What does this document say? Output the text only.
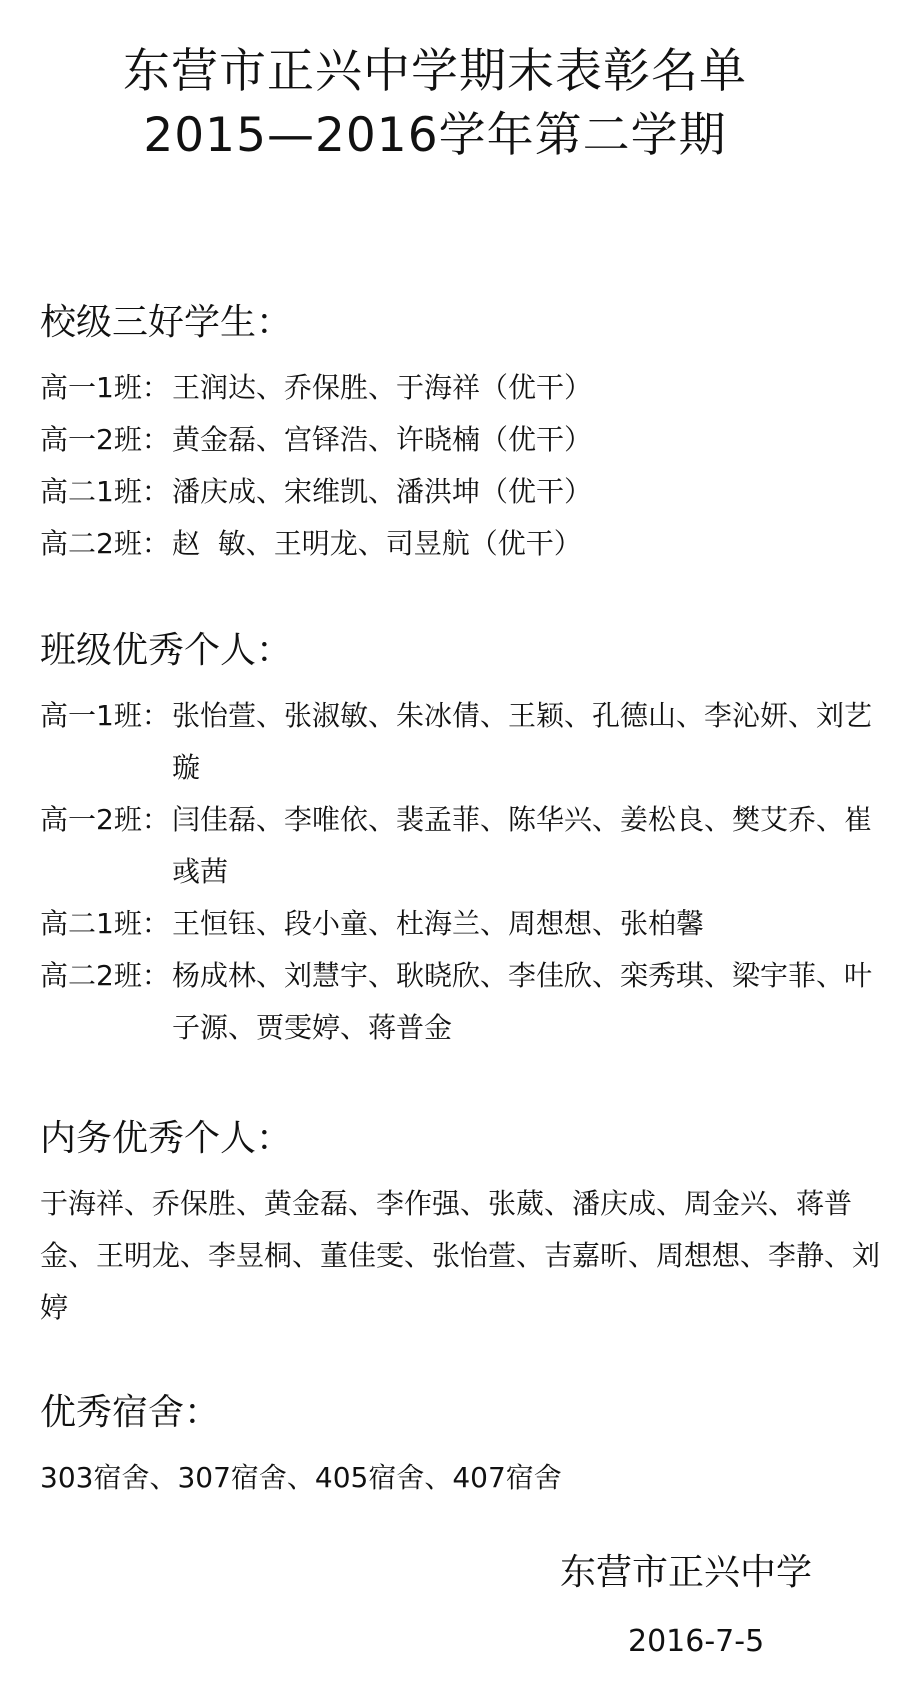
东营市正兴中学期末表彰名单
2015—2016学年第二学期
校级三好学生：
高一1班： 王润达、乔保胜、于海祥（优干）
高一2班： 黄金磊、宫铎浩、许晓楠（优干）
高二1班： 潘庆成、宋维凯、潘洪坤（优干）
高二2班： 赵  敏、王明龙、司昱航（优干）
班级优秀个人：
高一1班： 张怡萱、张淑敏、朱冰倩、王颖、孔德山、李沁妍、刘艺璇
高一2班： 闫佳磊、李唯依、裴孟菲、陈华兴、姜松良、樊艾乔、崔彧茜
高二1班： 王恒钰、段小童、杜海兰、周想想、张柏馨
高二2班： 杨成林、刘慧宇、耿晓欣、李佳欣、栾秀琪、梁宇菲、叶子源、贾雯婷、蒋普金
内务优秀个人：
于海祥、乔保胜、黄金磊、李作强、张葳、潘庆成、周金兴、蒋普金、王明龙、李昱桐、董佳雯、张怡萱、吉嘉昕、周想想、李静、刘婷
优秀宿舍：
303宿舍、307宿舍、405宿舍、407宿舍
东营市正兴中学
2016-7-5
